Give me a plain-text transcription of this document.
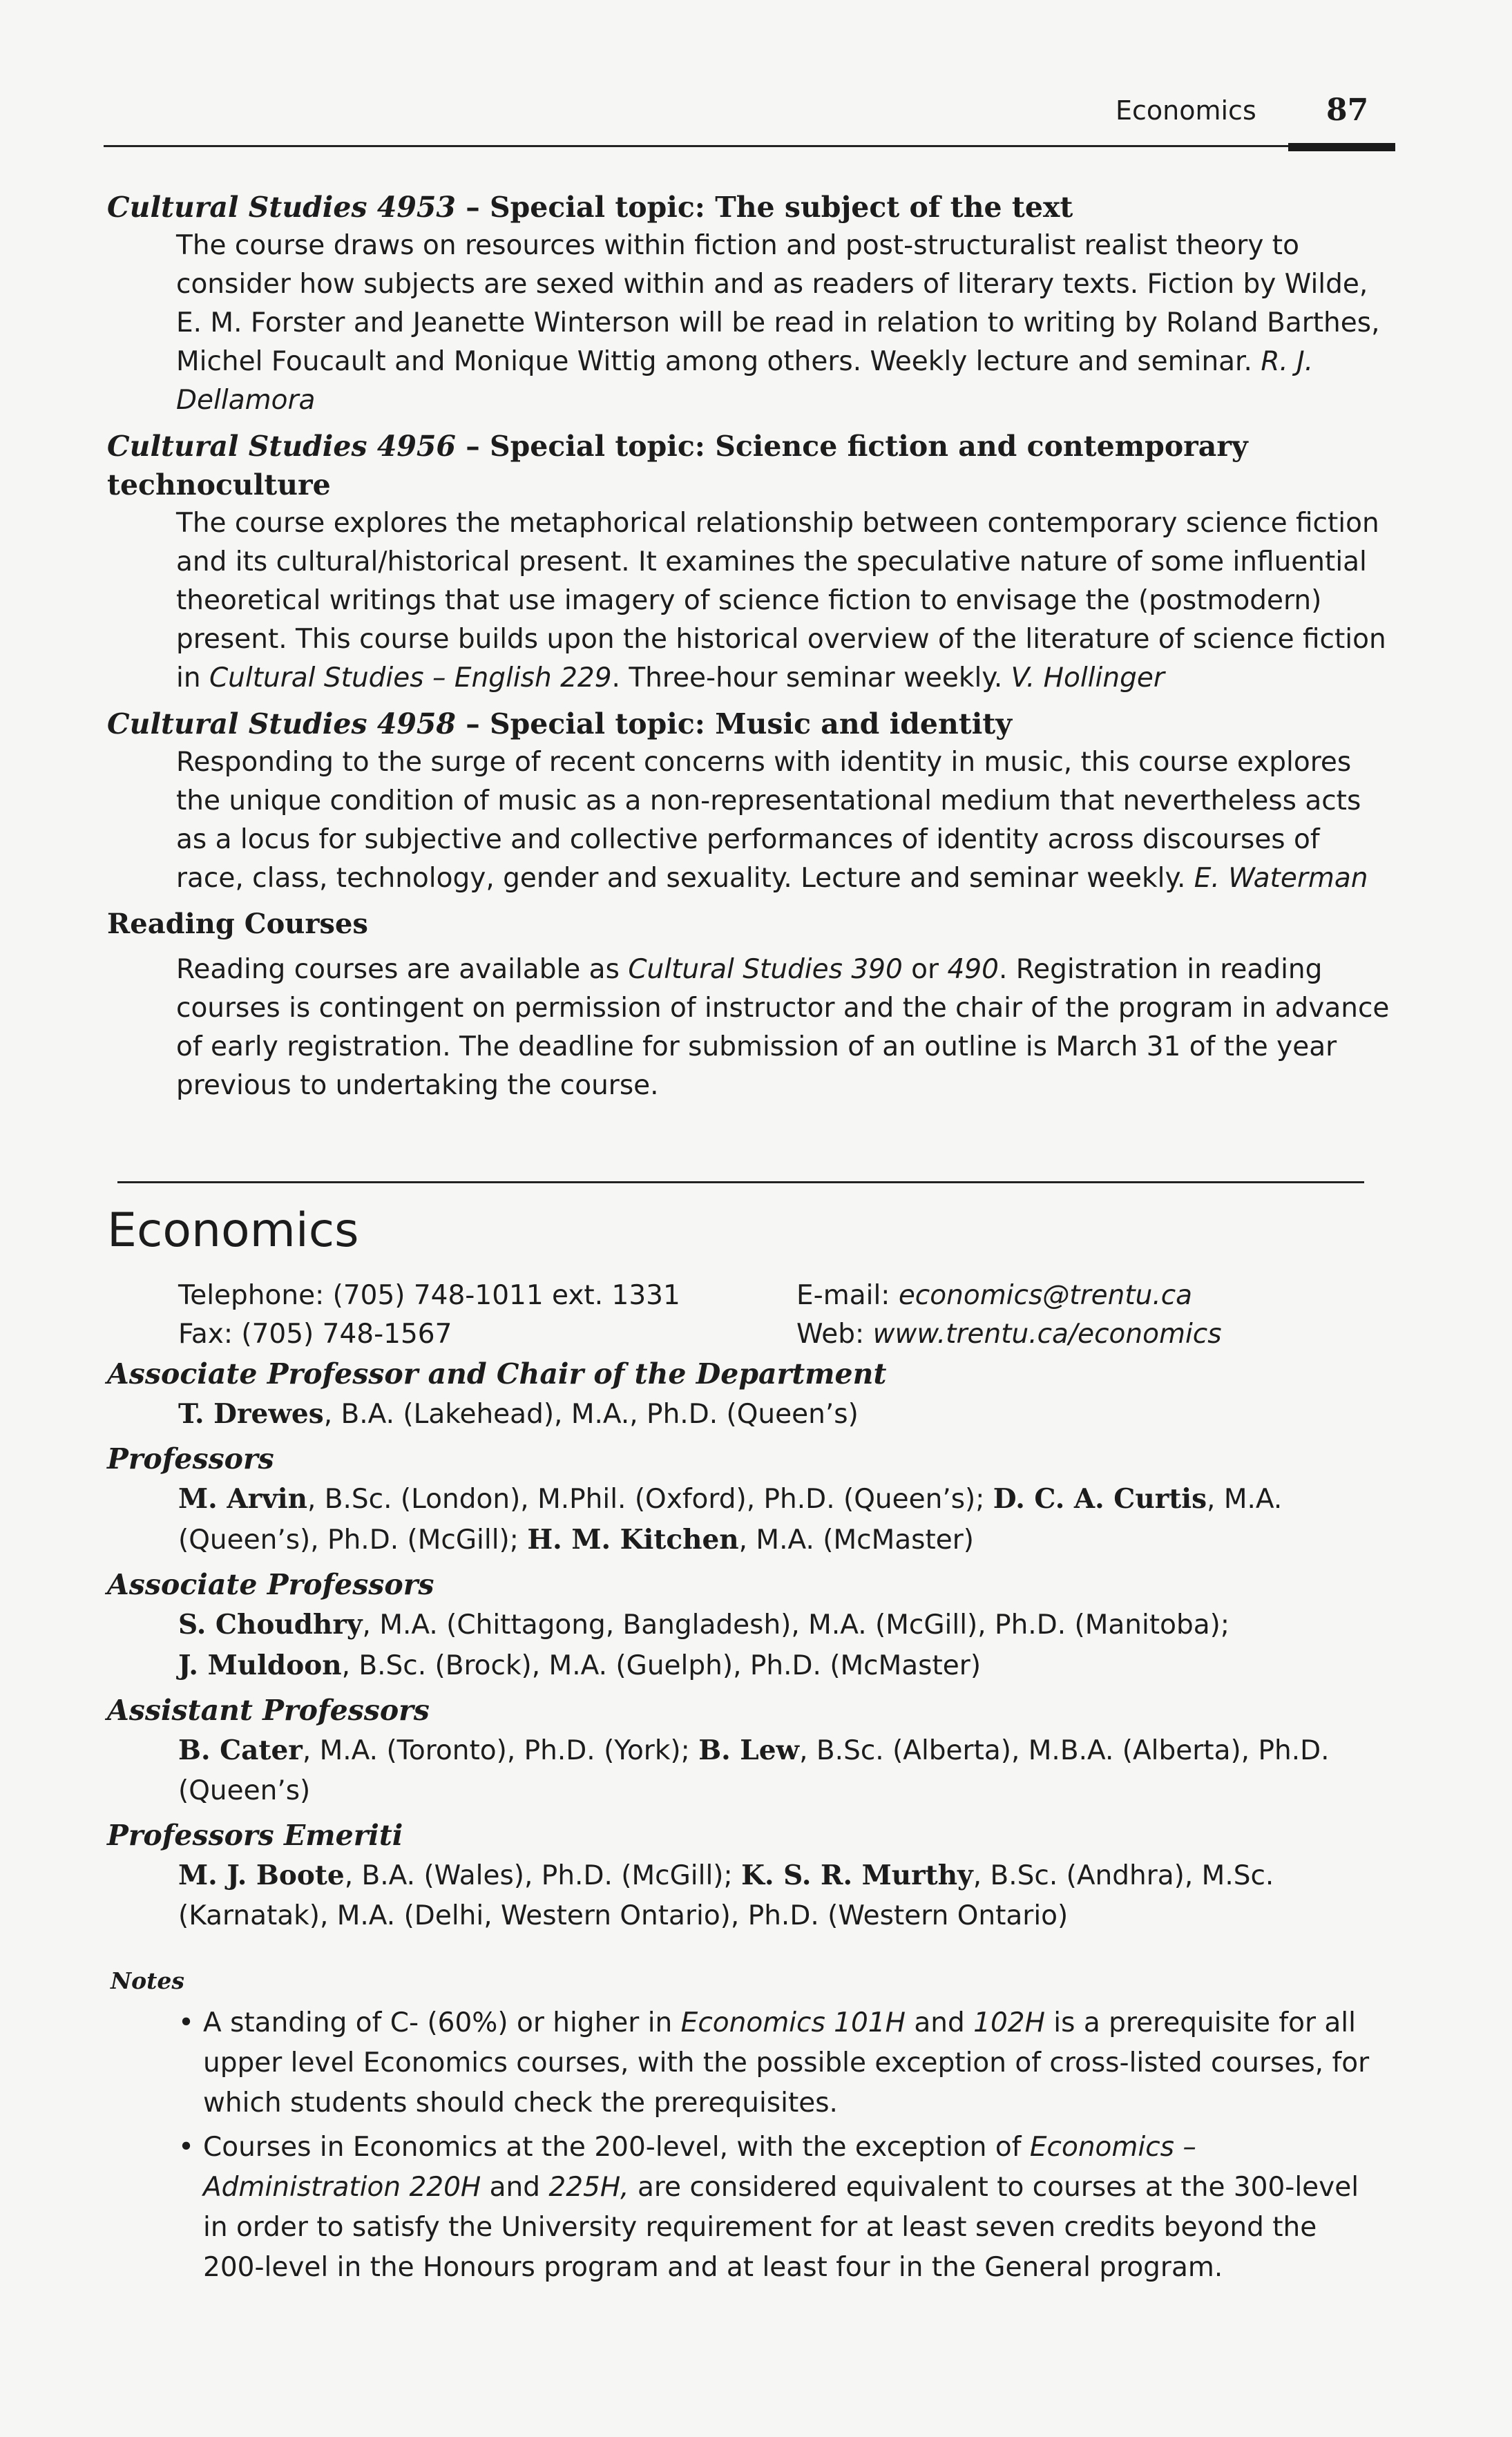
Economics 87
Cultural Studies 4953 – Special topic: The subject of the text
The course draws on resources within fiction and post-structuralist realist theory to consider how subjects are sexed within and as readers of literary texts. Fiction by Wilde, E. M. Forster and Jeanette Winterson will be read in relation to writing by Roland Barthes, Michel Foucault and Monique Wittig among others. Weekly lecture and seminar. R. J. Dellamora
Cultural Studies 4956 – Special topic: Science fiction and contemporary technoculture
The course explores the metaphorical relationship between contemporary science fiction and its cultural/historical present. It examines the speculative nature of some influential theoretical writings that use imagery of science fiction to envisage the (postmodern) present. This course builds upon the historical overview of the literature of science fiction in Cultural Studies – English 229. Three-hour seminar weekly. V. Hollinger
Cultural Studies 4958 – Special topic: Music and identity
Responding to the surge of recent concerns with identity in music, this course explores the unique condition of music as a non-representational medium that nevertheless acts as a locus for subjective and collective performances of identity across discourses of race, class, technology, gender and sexuality. Lecture and seminar weekly. E. Waterman
Reading Courses
Reading courses are available as Cultural Studies 390 or 490. Registration in reading courses is contingent on permission of instructor and the chair of the program in advance of early registration. The deadline for submission of an outline is March 31 of the year previous to undertaking the course.
Economics
Telephone: (705) 748-1011 ext. 1331	E-mail: economics@trentu.ca
Fax: (705) 748-1567	Web: www.trentu.ca/economics
Associate Professor and Chair of the Department
T. Drewes, B.A. (Lakehead), M.A., Ph.D. (Queen’s)
Professors
M. Arvin, B.Sc. (London), M.Phil. (Oxford), Ph.D. (Queen’s); D. C. A. Curtis, M.A. (Queen’s), Ph.D. (McGill); H. M. Kitchen, M.A. (McMaster)
Associate Professors
S. Choudhry, M.A. (Chittagong, Bangladesh), M.A. (McGill), Ph.D. (Manitoba);
J. Muldoon, B.Sc. (Brock), M.A. (Guelph), Ph.D. (McMaster)
Assistant Professors
B. Cater, M.A. (Toronto), Ph.D. (York); B. Lew, B.Sc. (Alberta), M.B.A. (Alberta), Ph.D. (Queen’s)
Professors Emeriti
M. J. Boote, B.A. (Wales), Ph.D. (McGill); K. S. R. Murthy, B.Sc. (Andhra), M.Sc. (Karnatak), M.A. (Delhi, Western Ontario), Ph.D. (Western Ontario)
Notes
• A standing of C- (60%) or higher in Economics 101H and 102H is a prerequisite for all upper level Economics courses, with the possible exception of cross-listed courses, for which students should check the prerequisites.
• Courses in Economics at the 200-level, with the exception of Economics – Administration 220H and 225H, are considered equivalent to courses at the 300-level in order to satisfy the University requirement for at least seven credits beyond the 200-level in the Honours program and at least four in the General program.
